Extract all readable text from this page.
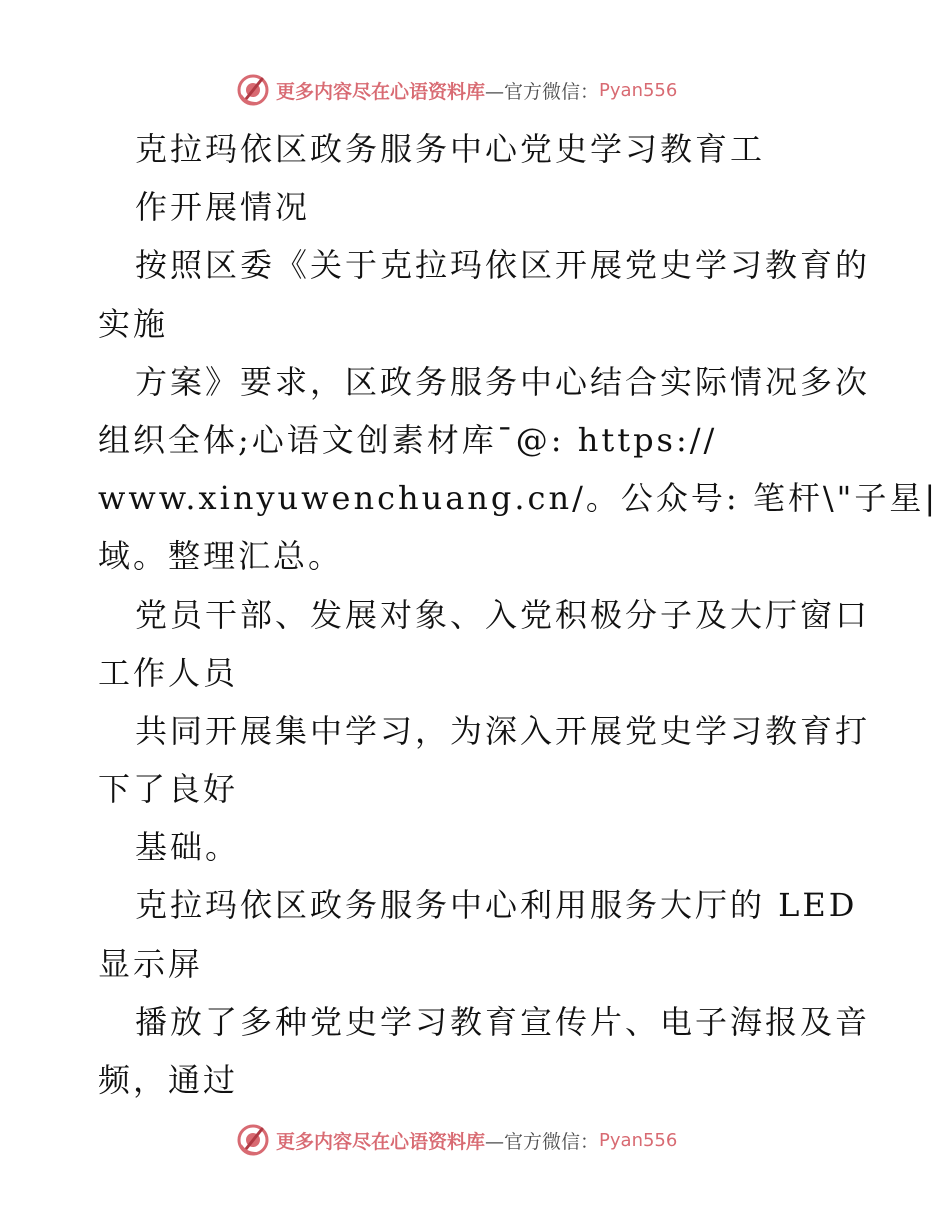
更多内容尽在心语资料库 —官方微信： Pyan556
克拉玛依区政务服务中心党史学习教育工
作开展情况
按照区委《关于克拉玛依区开展党史学习教育的
实施
方案》要求，区政务服务中心结合实际情况多次
组织全体;心语文创素材库¯@: https://
www.xinyuwenchuang.cn/。公众号: 笔杆\"子星|
域。整理汇总。
党员干部、发展对象、入党积极分子及大厅窗口
工作人员
共同开展集中学习，为深入开展党史学习教育打
下了良好
基础。
克拉玛依区政务服务中心利用服务大厅的 LED
显示屏
播放了多种党史学习教育宣传片、电子海报及音
频，通过
更多内容尽在心语资料库 —官方微信： Pyan556
